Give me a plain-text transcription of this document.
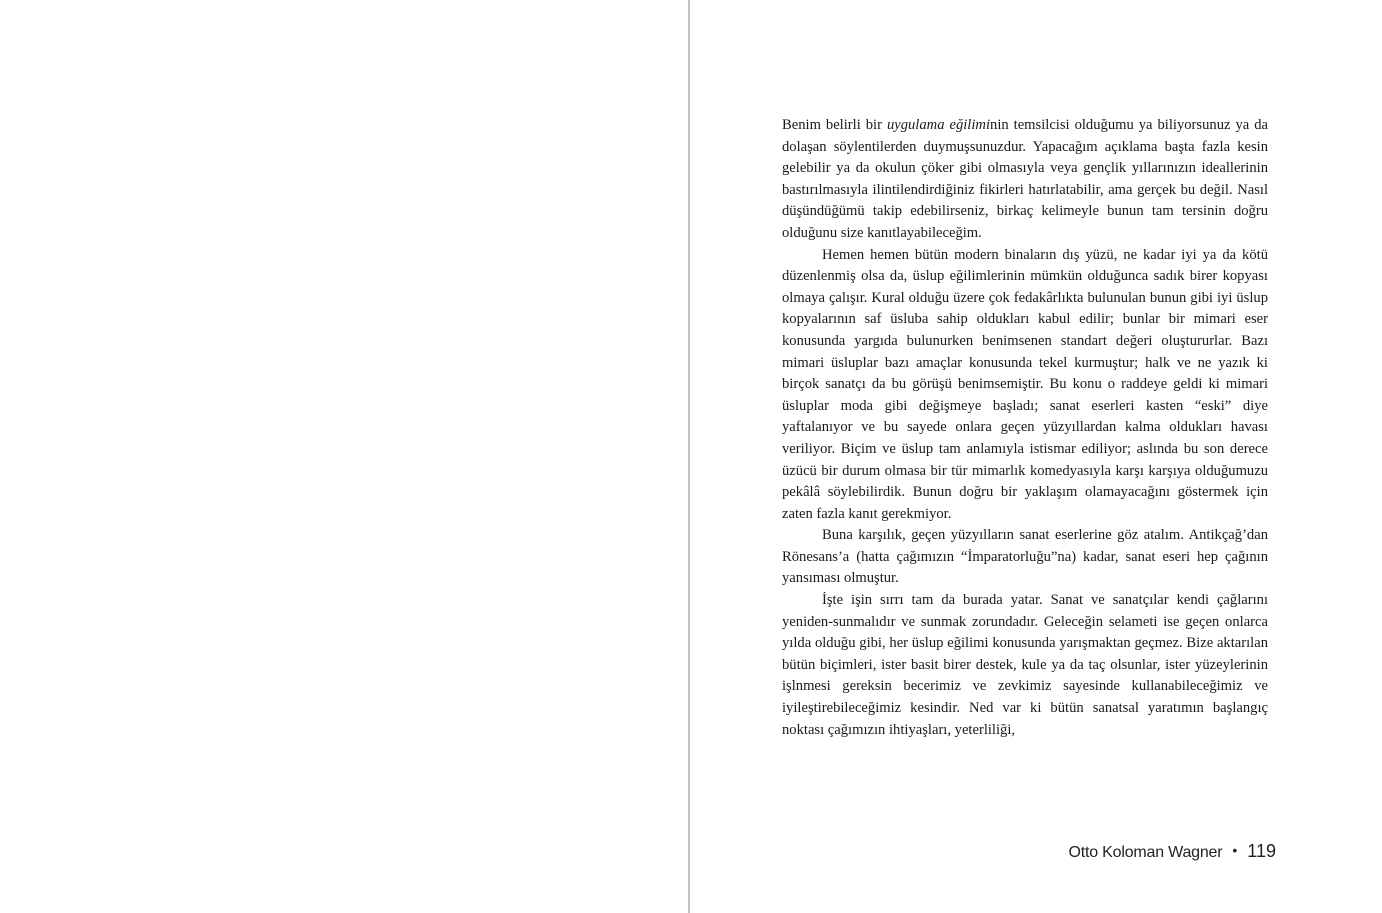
Benim belirli bir uygulama eğiliminin temsilcisi olduğumu ya biliyorsunuz ya da dolaşan söylentilerden duymuşsunuzdur. Yapacağım açıklama başta fazla kesin gelebilir ya da okulun çöker gibi olmasıyla veya gençlik yıllarınızın ideallerinin bastırılmasıyla ilintilendirdiğiniz fikirleri hatırlatabilir, ama gerçek bu değil. Nasıl düşündüğümü takip edebilirseniz, birkaç kelimeyle bunun tam tersinin doğru olduğunu size kanıtlayabileceğim.

Hemen hemen bütün modern binaların dış yüzü, ne kadar iyi ya da kötü düzenlenmiş olsa da, üslup eğilimlerinin mümkün olduğunca sadık birer kopyası olmaya çalışır. Kural olduğu üzere çok fedakârlıkta bulunulan bunun gibi iyi üslup kopyalarının saf üsluba sahip oldukları kabul edilir; bunlar bir mimari eser konusunda yargıda bulunurken benimsenen standart değeri oluştururlar. Bazı mimari üsluplar bazı amaçlar konusunda tekel kurmuştur; halk ve ne yazık ki birçok sanatçı da bu görüşü benimsemiştir. Bu konu o raddeye geldi ki mimari üsluplar moda gibi değişmeye başladı; sanat eserleri kasten “eski” diye yaftalanıyor ve bu sayede onlara geçen yüzyıllardan kalma oldukları havası veriliyor. Biçim ve üslup tam anlamıyla istismar ediliyor; aslında bu son derece üzücü bir durum olmasa bir tür mimarlık komedyasıyla karşı karşıya olduğumuzu pekâlâ söylebilirdik. Bunun doğru bir yaklaşım olamayacağını göstermek için zaten fazla kanıt gerekmiyor.

Buna karşılık, geçen yüzyılların sanat eserlerine göz atalım. Antikçağ’dan Rönesans’a (hatta çağımızın “İmparatorluğu”na) kadar, sanat eseri hep çağının yansıması olmuştur.

İşte işin sırrı tam da burada yatar. Sanat ve sanatçılar kendi çağlarını yeniden-sunmalıdır ve sunmak zorundadır. Geleceğin selameti ise geçen onlarca yılda olduğu gibi, her üslup eğilimi konusunda yarışmaktan geçmez. Bize aktarılan bütün biçimleri, ister basit birer destek, kule ya da taç olsunlar, ister yüzeylerinin işlnmesi gereksin becerimiz ve zevkimiz sayesinde kullanabileceğimiz ve iyileştirebileceğimiz kesindir. Ned var ki bütün sanatsal yaratımın başlangıç noktası çağımızın ihtiyaşları, yeterliliği,

Otto Koloman Wagner • 119
